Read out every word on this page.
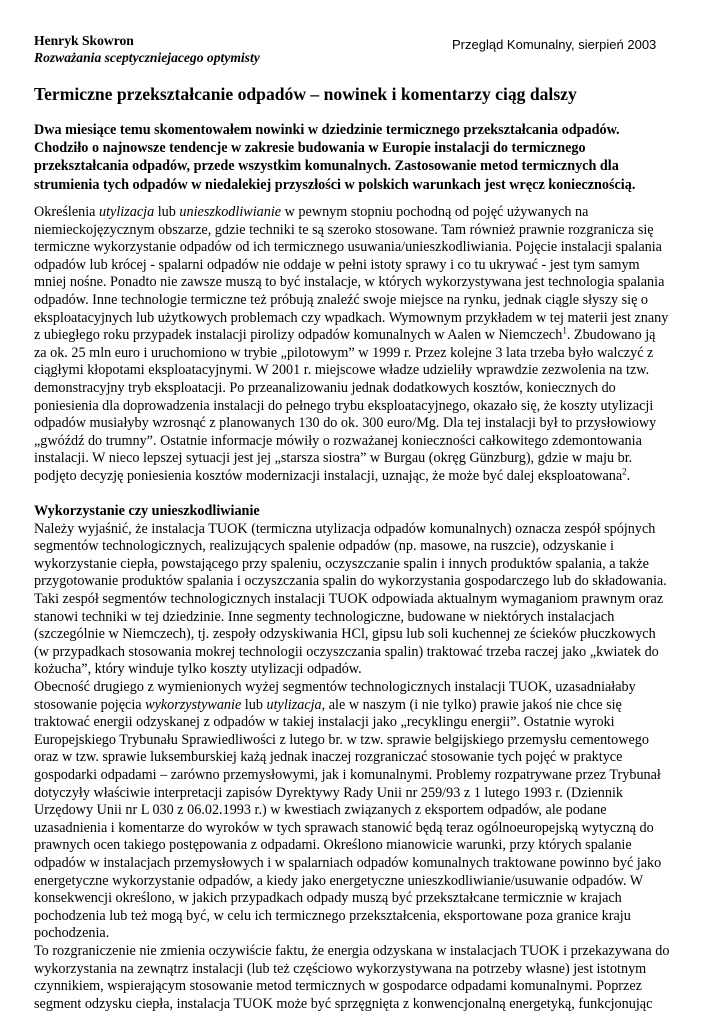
Henryk Skowron
Rozważania sceptyczniejacego optymisty
Przegląd Komunalny, sierpień 2003
Termiczne przekształcanie odpadów – nowinek i komentarzy ciąg dalszy
Dwa miesiące temu skomentowałem nowinki w dziedzinie termicznego przekształcania odpadów.
Chodziło o najnowsze tendencje w zakresie budowania w Europie instalacji do termicznego
przekształcania odpadów, przede wszystkim komunalnych. Zastosowanie metod termicznych dla
strumienia tych odpadów w niedalekiej przyszłości w polskich warunkach jest wręcz koniecznością.
Określenia utylizacja lub unieszkodliwianie w pewnym stopniu pochodną od pojęć używanych na
niemieckojęzycznym obszarze, gdzie techniki te są szeroko stosowane. Tam również prawnie rozgranicza się
termiczne wykorzystanie odpadów od ich termicznego usuwania/unieszkodliwiania. Pojęcie instalacji spalania
odpadów lub krócej - spalarni odpadów nie oddaje w pełni istoty sprawy i co tu ukrywać - jest tym samym
mniej nośne. Ponadto nie zawsze muszą to być instalacje, w których wykorzystywana jest technologia spalania
odpadów. Inne technologie termiczne też próbują znaleźć swoje miejsce na rynku, jednak ciągle słyszy się o
eksploatacyjnych lub użytkowych problemach czy wpadkach. Wymownym przykładem w tej materii jest znany
z ubiegłego roku przypadek instalacji pirolizy odpadów komunalnych w Aalen w Niemczech$^1$. Zbudowano ją
za ok. 25 mln euro i uruchomiono w trybie „pilotowym” w 1999 r. Przez kolejne 3 lata trzeba było walczyć z
ciągłymi kłopotami eksploatacyjnymi. W 2001 r. miejscowe władze udzieliły wprawdzie zezwolenia na tzw.
demonstracyjny tryb eksploatacji. Po przeanalizowaniu jednak dodatkowych kosztów, koniecznych do
poniesienia dla doprowadzenia instalacji do pełnego trybu eksploatacyjnego, okazało się, że koszty utylizacji
odpadów musiałyby wzrosnąć z planowanych 130 do ok. 300 euro/Mg. Dla tej instalacji był to przysłowiowy
„gwóźdź do trumny”. Ostatnie informacje mówiły o rozważanej konieczności całkowitego zdemontowania
instalacji. W nieco lepszej sytuacji jest jej „starsza siostra” w Burgau (okręg Günzburg), gdzie w maju br.
podjęto decyzję poniesienia kosztów modernizacji instalacji, uznając, że może być dalej eksploatowana$^2$.
Wykorzystanie czy unieszkodliwianie
Należy wyjaśnić, że instalacja TUOK (termiczna utylizacja odpadów komunalnych) oznacza zespół spójnych
segmentów technologicznych, realizujących spalenie odpadów (np. masowe, na ruszcie), odzyskanie i
wykorzystanie ciepła, powstającego przy spaleniu, oczyszczanie spalin i innych produktów spalania, a także
przygotowanie produktów spalania i oczyszczania spalin do wykorzystania gospodarczego lub do składowania.
Taki zespół segmentów technologicznych instalacji TUOK odpowiada aktualnym wymaganiom prawnym oraz
stanowi techniki w tej dziedzinie. Inne segmenty technologiczne, budowane w niektórych instalacjach
(szczególnie w Niemczech), tj. zespoły odzyskiwania HCl, gipsu lub soli kuchennej ze ścieków płuczkowych
(w przypadkach stosowania mokrej technologii oczyszczania spalin) traktować trzeba raczej jako „kwiatek do
kożucha”, który winduje tylko koszty utylizacji odpadów.
Obecność drugiego z wymienionych wyżej segmentów technologicznych instalacji TUOK, uzasadniałaby
stosowanie pojęcia wykorzystywanie lub utylizacja, ale w naszym (i nie tylko) prawie jakoś nie chce się
traktować energii odzyskanej z odpadów w takiej instalacji jako „recyklingu energii”. Ostatnie wyroki
Europejskiego Trybunału Sprawiedliwości z lutego br. w tzw. sprawie belgijskiego przemysłu cementowego
oraz w tzw. sprawie luksemburskiej każą jednak inaczej rozgraniczać stosowanie tych pojęć w praktyce
gospodarki odpadami – zarówno przemysłowymi, jak i komunalnymi. Problemy rozpatrywane przez Trybunał
dotyczyły właściwie interpretacji zapisów Dyrektywy Rady Unii nr 259/93 z 1 lutego 1993 r. (Dziennik
Urzędowy Unii nr L 030 z 06.02.1993 r.) w kwestiach związanych z eksportem odpadów, ale podane
uzasadnienia i komentarze do wyroków w tych sprawach stanowić będą teraz ogólnoeuropejską wytyczną do
prawnych ocen takiego postępowania z odpadami. Określono mianowicie warunki, przy których spalanie
odpadów w instalacjach przemysłowych i w spalarniach odpadów komunalnych traktowane powinno być jako
energetyczne wykorzystanie odpadów, a kiedy jako energetyczne unieszkodliwianie/usuwanie odpadów. W
konsekwencji określono, w jakich przypadkach odpady muszą być przekształcane termicznie w krajach
pochodzenia lub też mogą być, w celu ich termicznego przekształcenia, eksportowane poza granice kraju
pochodzenia.
To rozgraniczenie nie zmienia oczywiście faktu, że energia odzyskana w instalacjach TUOK i przekazywana do
wykorzystania na zewnątrz instalacji (lub też częściowo wykorzystywana na potrzeby własne) jest istotnym
czynnikiem, wspierającym stosowanie metod termicznych w gospodarce odpadami komunalnymi. Poprzez
segment odzysku ciepła, instalacja TUOK może być sprzęgnięta z konwencjonalną energetyką, funkcjonując
